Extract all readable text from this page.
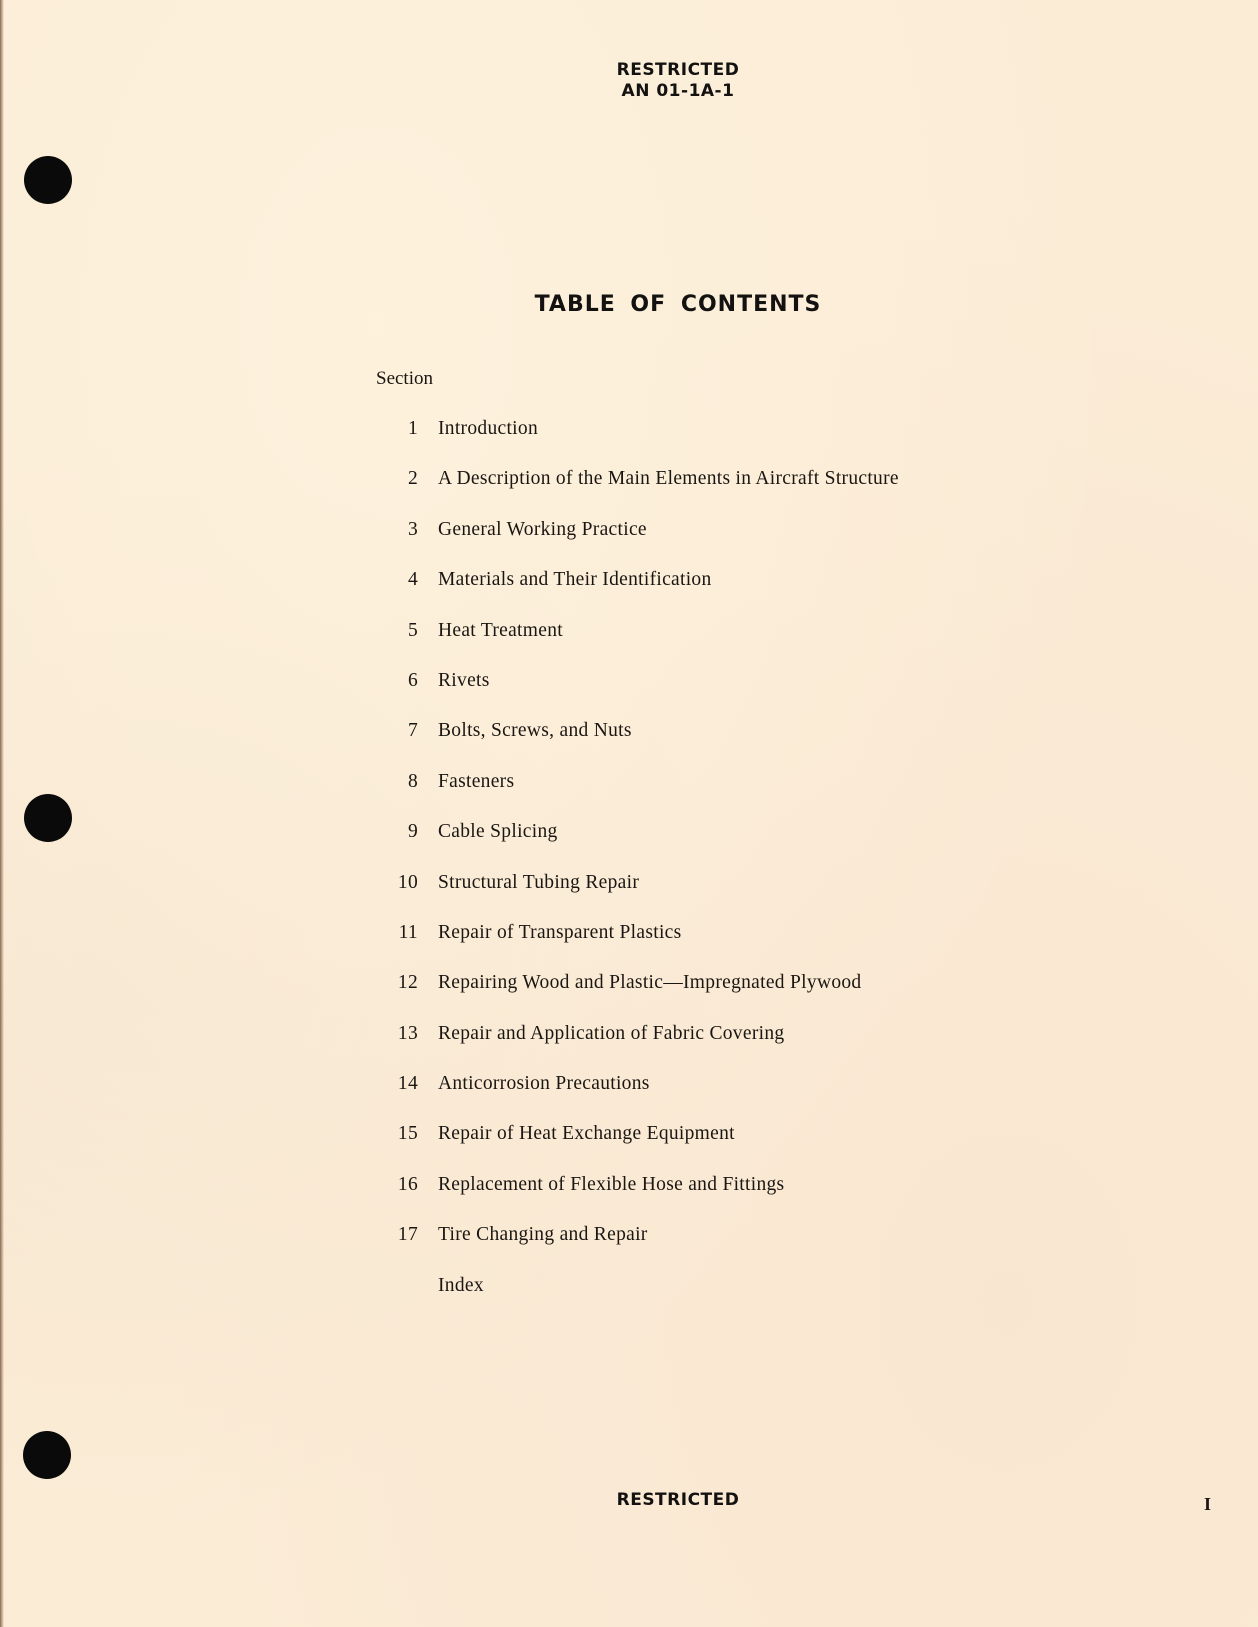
RESTRICTED
AN 01-1A-1
TABLE OF CONTENTS
Section
1	Introduction
2	A Description of the Main Elements in Aircraft Structure
3	General Working Practice
4	Materials and Their Identification
5	Heat Treatment
6	Rivets
7	Bolts, Screws, and Nuts
8	Fasteners
9	Cable Splicing
10	Structural Tubing Repair
11	Repair of Transparent Plastics
12	Repairing Wood and Plastic—Impregnated Plywood
13	Repair and Application of Fabric Covering
14	Anticorrosion Precautions
15	Repair of Heat Exchange Equipment
16	Replacement of Flexible Hose and Fittings
17	Tire Changing and Repair
Index
RESTRICTED	I
